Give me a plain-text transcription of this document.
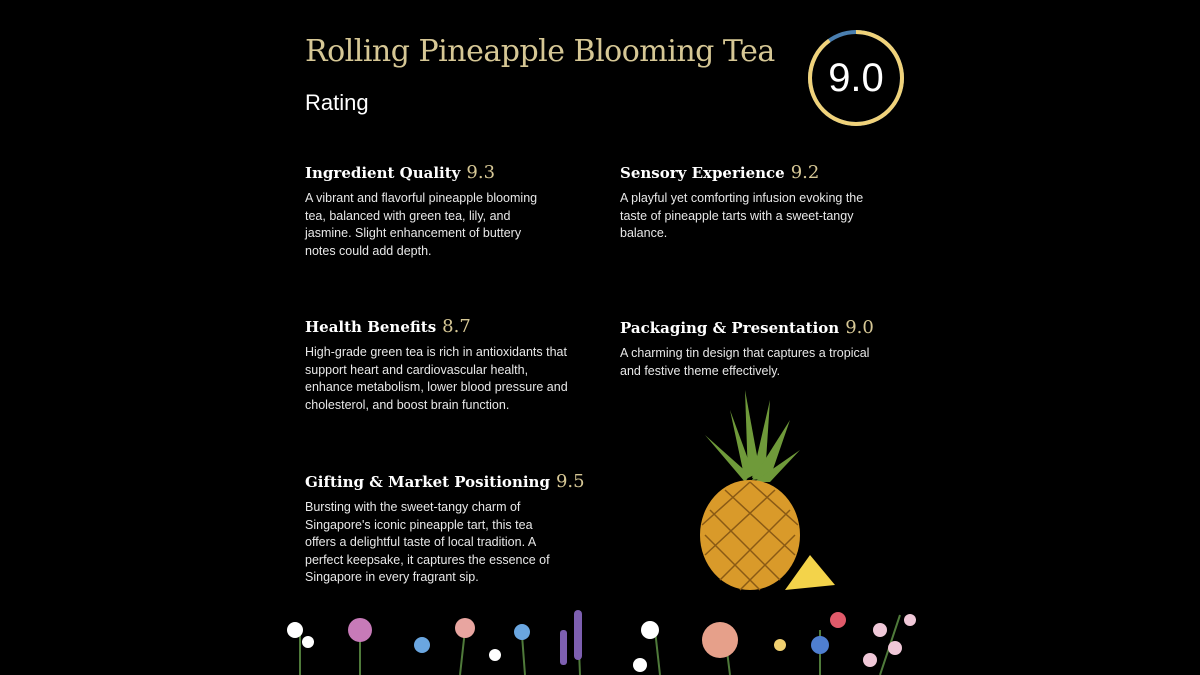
Rolling Pineapple Blooming Tea
Rating
9.0
Ingredient Quality 9.3

A vibrant and flavorful pineapple blooming tea, balanced with green tea, lily, and jasmine. Slight enhancement of buttery notes could add depth.

Sensory Experience 9.2

A playful yet comforting infusion evoking the taste of pineapple tarts with a sweet-tangy balance.

Health Benefits 8.7

High-grade green tea is rich in antioxidants that support heart and cardiovascular health, enhance metabolism, lower blood pressure and cholesterol, and boost brain function.

Packaging & Presentation 9.0

A charming tin design that captures a tropical and festive theme effectively.

Gifting & Market Positioning 9.5

Bursting with the sweet-tangy charm of Singapore's iconic pineapple tart, this tea offers a delightful taste of local tradition. A perfect keepsake, it captures the essence of Singapore in every fragrant sip.
